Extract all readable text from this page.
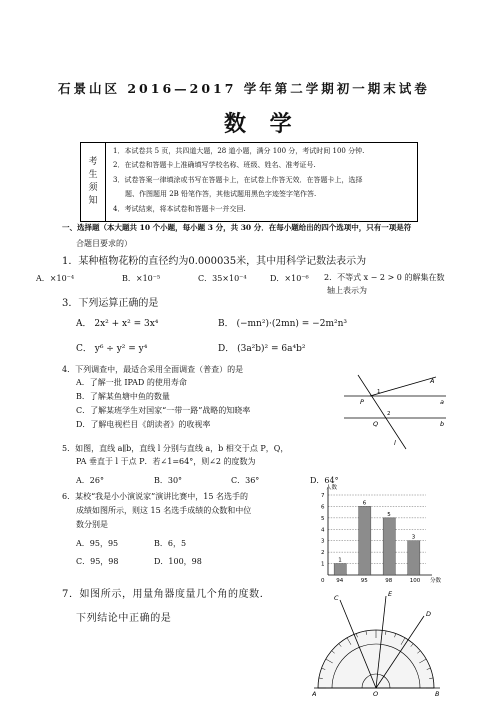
石景山区 2016—2017 学年第二学期初一期末试卷
数 学
考
生
须
知
1．本试卷共 5 页，共四道大题，28 道小题，满分 100 分，考试时间 100 分钟.
2．在试卷和答题卡上准确填写学校名称、班级、姓名、准考证号.
3．试卷答案一律填涂或书写在答题卡上，在试卷上作答无效．在答题卡上，选择
题、作图题用 2B 铅笔作答，其他试题用黑色字迹签字笔作答.
4．考试结束，将本试卷和答题卡一并交回.
一、选择题（本大题共 10 个小题，每小题 3 分，共 30 分．在每小题给出的四个选项中，只有一项是符
合题目要求的）
1．某种植物花粉的直径约为0.000035米，其中用科学记数法表示为
A．×10⁻⁴	B．×10⁻⁵	C．35×10⁻⁴	D．×10⁻⁶ 2．不等式 x − 2 > 0 的解集在数
轴上表示为
3．下列运算正确的是
A． 2x² + x² = 3x⁴	B． (−mn²)·(2mn) = −2m²n³
C． y⁶ ÷ y² = y⁴	D． (3a²b)² = 6a⁴b²
4．下列调查中，最适合采用全面调查（普查）的是
A．了解一批 IPAD 的使用寿命
B．了解某鱼塘中鱼的数量
C．了解某班学生对国家“一带一路”战略的知晓率
D．了解电视栏目《朗读者》的收视率
A
P
Q
a
b
l
1
2
5．如图，直线 a∥b，直线 l 分别与直线 a，b 相交于点 P，Q，
PA 垂直于 l 于点 P．若∠1=64°，则∠2 的度数为
A．26°	B．30°	C．36°	D．64°
6．某校“我是小小演说家”演讲比赛中，15 名选手的
成绩如图所示，则这 15 名选手成绩的众数和中位
数分别是
A．95，95	B．6，5
C．95，98	D．100，98	1
2
3
4
5
6
7
0
人数
分数
1
94
6
95
5
98
3
100
7．如图所示，用量角器度量几个角的度数．
下列结论中正确的是
A	B
C
D
E
O
